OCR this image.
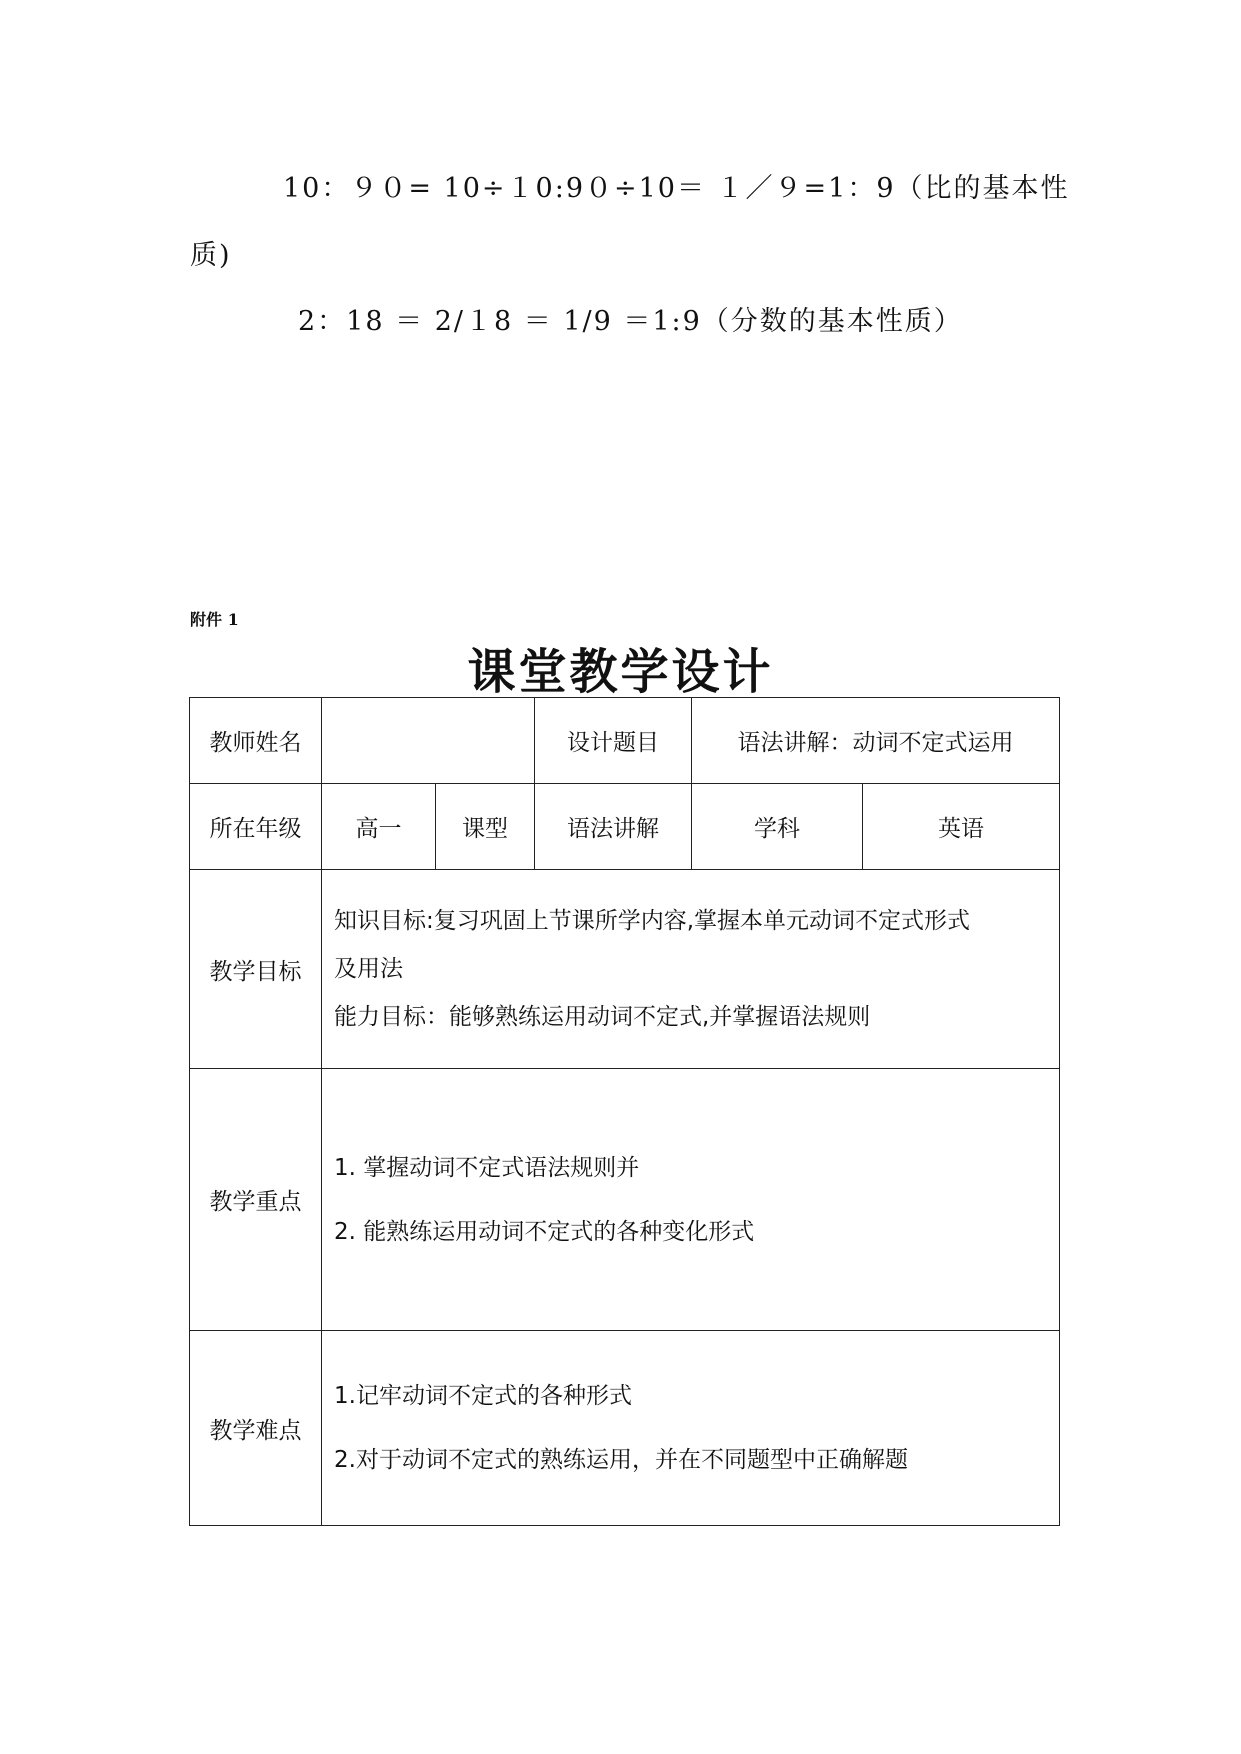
10：９０= 10÷１0:9０÷10＝ １／９=1：9（比的基本性
质)
2：18 ＝ 2/１8 ＝ 1/9 ＝1:9（分数的基本性质）
附件 1
课堂教学设计
教师姓名			设计题目	语法讲解：动词不定式运用	
所在年级	高一	课型	语法讲解	学科	英语
教学目标	知识目标:复习巩固上节课所学内容,掌握本单元动词不定式形式

及用法

能力目标：能够熟练运用动词不定式,并掌握语法规则				

教学重点	1. 掌握动词不定式语法规则并

2. 能熟练运用动词不定式的各种变化形式				

教学难点	1.记牢动词不定式的各种形式

2.对于动词不定式的熟练运用，并在不同题型中正确解题				
